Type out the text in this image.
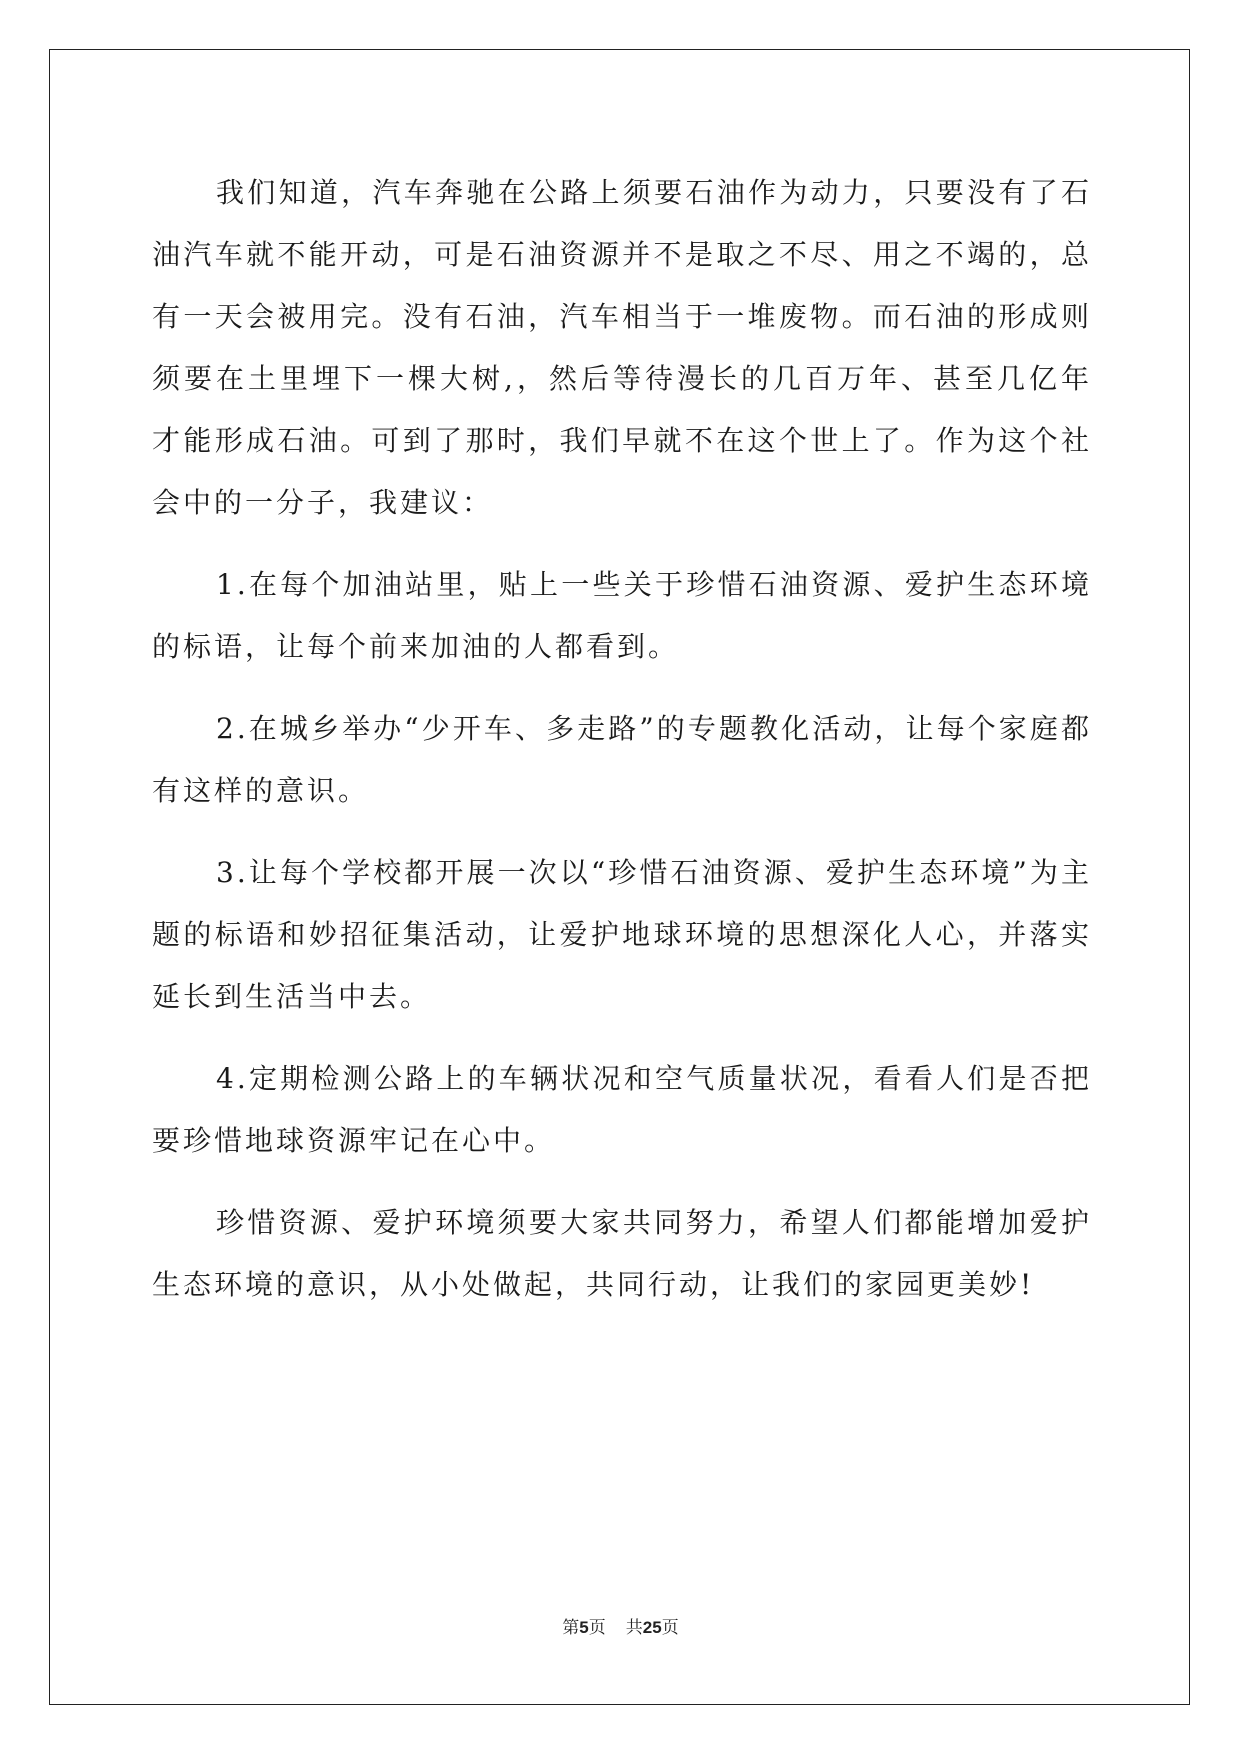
我们知道，汽车奔驰在公路上须要石油作为动力，只要没有了石油汽车就不能开动，可是石油资源并不是取之不尽、用之不竭的，总有一天会被用完。没有石油，汽车相当于一堆废物。而石油的形成则须要在土里埋下一棵大树,，然后等待漫长的几百万年、甚至几亿年才能形成石油。可到了那时，我们早就不在这个世上了。作为这个社会中的一分子，我建议：

1.在每个加油站里，贴上一些关于珍惜石油资源、爱护生态环境的标语，让每个前来加油的人都看到。

2.在城乡举办“少开车、多走路”的专题教化活动，让每个家庭都有这样的意识。

3.让每个学校都开展一次以“珍惜石油资源、爱护生态环境”为主题的标语和妙招征集活动，让爱护地球环境的思想深化人心，并落实延长到生活当中去。

4.定期检测公路上的车辆状况和空气质量状况，看看人们是否把要珍惜地球资源牢记在心中。

珍惜资源、爱护环境须要大家共同努力，希望人们都能增加爱护生态环境的意识，从小处做起，共同行动，让我们的家园更美妙!

第5页 共25页
